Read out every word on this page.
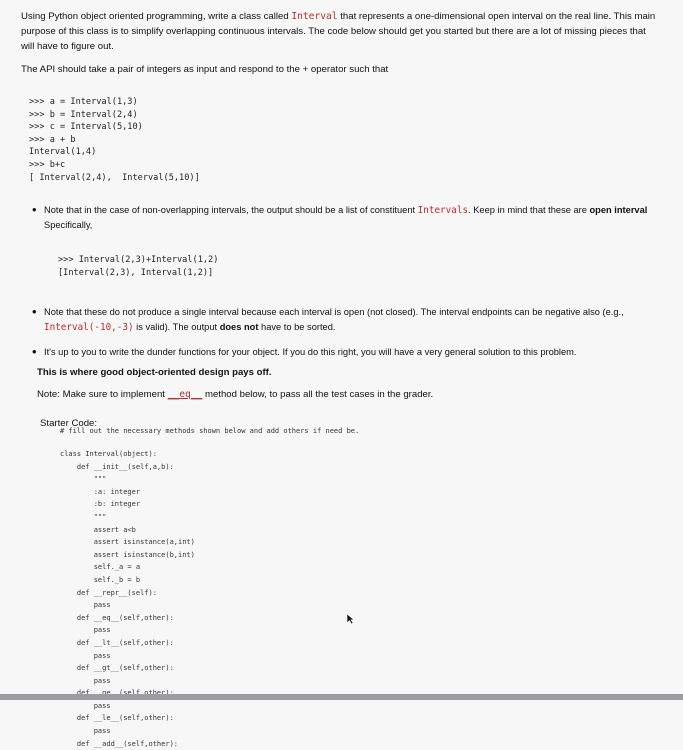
Using Python object oriented programming, write a class called Interval that represents a one-dimensional open interval on the real line. This main
purpose of this class is to simplify overlapping continuous intervals. The code below should get you started but there are a lot of missing pieces that
will have to figure out.

The API should take a pair of integers as input and respond to the + operator such that

>>> a = Interval(1,3)
>>> b = Interval(2,4)
>>> c = Interval(5,10)
>>> a + b
Interval(1,4)
>>> b+c
[ Interval(2,4),  Interval(5,10)]
• Note that in the case of non-overlapping intervals, the output should be a list of constituent Intervals. Keep in mind that these are open interval
Specifically,
>>> Interval(2,3)+Interval(1,2)
[Interval(2,3), Interval(1,2)]
• Note that these do not produce a single interval because each interval is open (not closed). The interval endpoints can be negative also (e.g.,
Interval(-10,-3) is valid). The output does not have to be sorted.
• It's up to you to write the dunder functions for your object. If you do this right, you will have a very general solution to this problem.

This is where good object-oriented design pays off.

Note: Make sure to implement __eq__ method below, to pass all the test cases in the grader.

Starter Code:

# fill out the necessary methods shown below and add others if need be.
class Interval(object):
def __init__(self,a,b):
"""
:a: integer
:b: integer
"""
assert a<b
assert isinstance(a,int)
assert isinstance(b,int)
self._a = a
self._b = b
def __repr__(self):
pass
def __eq__(self,other):
pass
def __lt__(self,other):
pass
def __gt__(self,other):
pass

pass
def __le__(self,other):
pass
def __add__(self,other):
